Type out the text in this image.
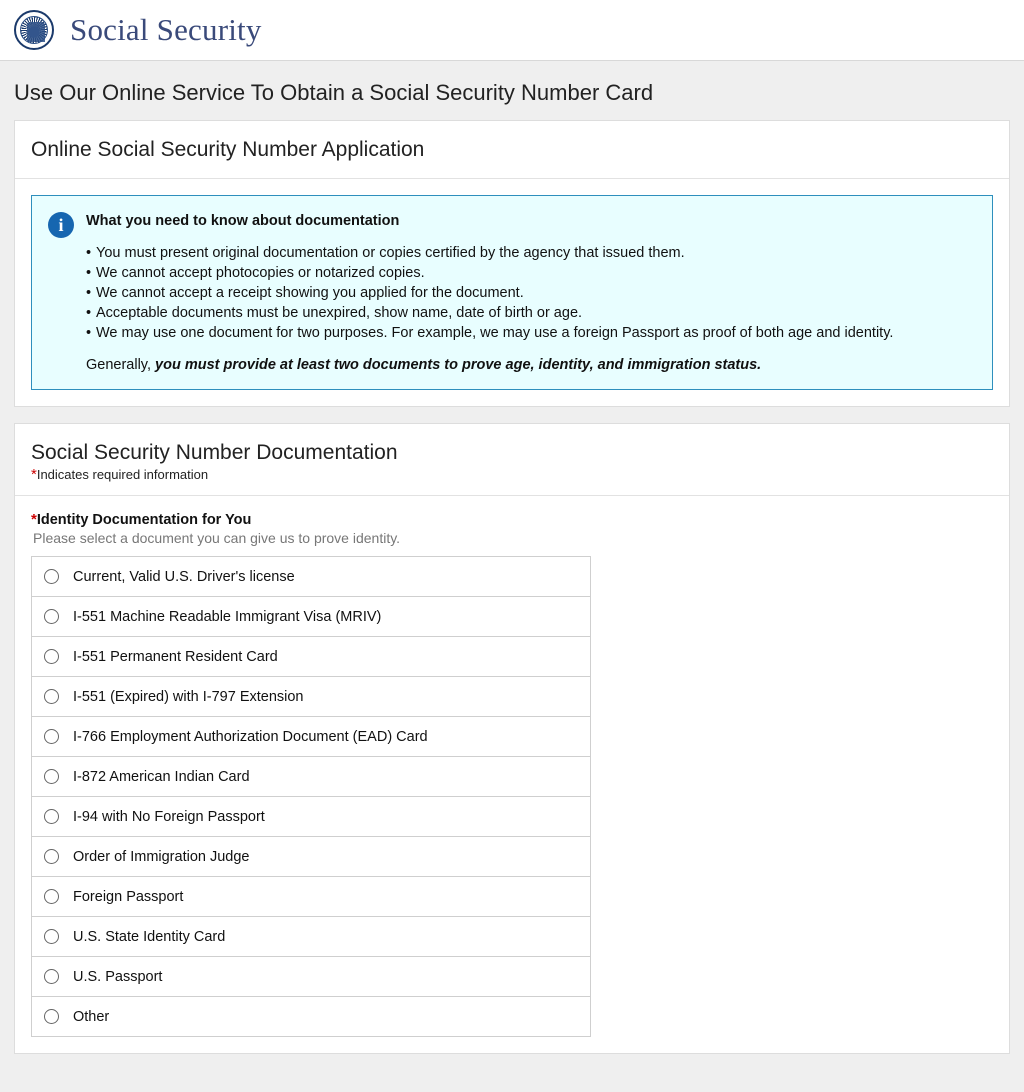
Social Security
Use Our Online Service To Obtain a Social Security Number Card
Online Social Security Number Application
i	What you need to know about documentation
• You must present original documentation or copies certified by the agency that issued them.
• We cannot accept photocopies or notarized copies.
• We cannot accept a receipt showing you applied for the document.
• Acceptable documents must be unexpired, show name, date of birth or age.
• We may use one document for two purposes. For example, we may use a foreign Passport as proof of both age and identity.
Generally, you must provide at least two documents to prove age, identity, and immigration status.
Social Security Number Documentation
*Indicates required information
*Identity Documentation for You
Please select a document you can give us to prove identity.
Current, Valid U.S. Driver's license
I-551 Machine Readable Immigrant Visa (MRIV)
I-551 Permanent Resident Card
I-551 (Expired) with I-797 Extension
I-766 Employment Authorization Document (EAD) Card
I-872 American Indian Card
I-94 with No Foreign Passport
Order of Immigration Judge
Foreign Passport
U.S. State Identity Card
U.S. Passport
Other
